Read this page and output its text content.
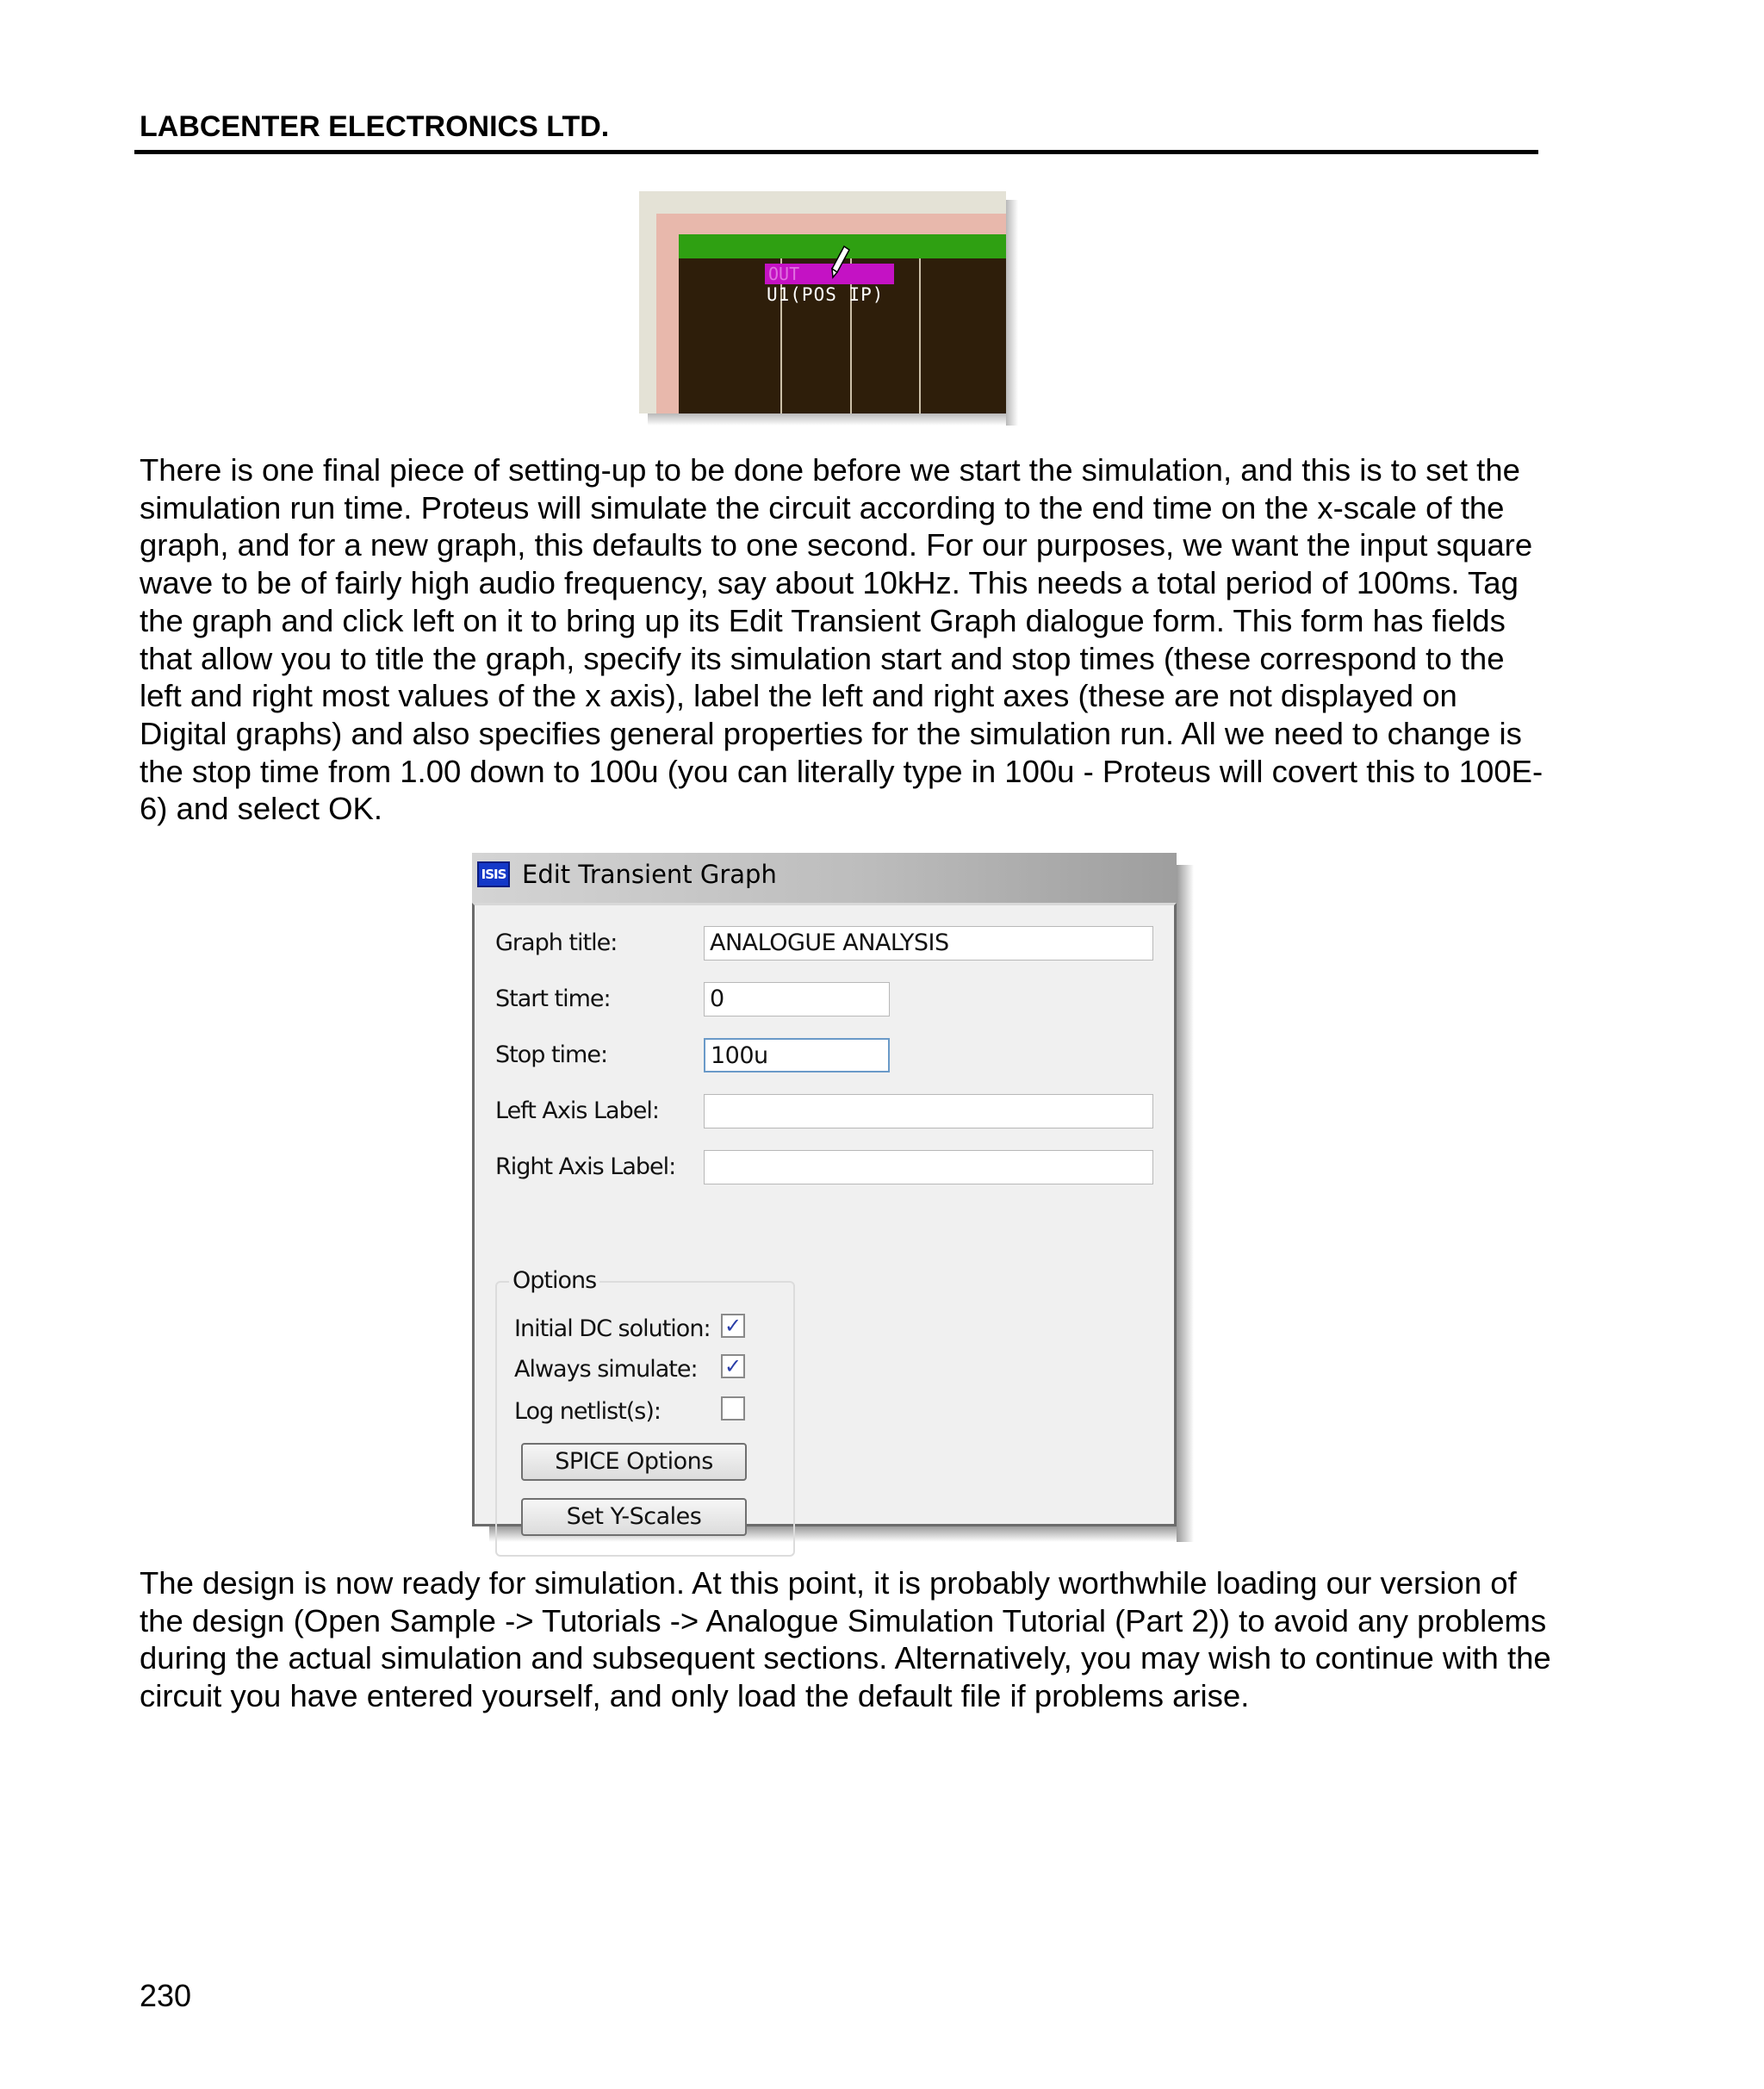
LABCENTER ELECTRONICS LTD.
OUT
U1(POS IP)

There is one final piece of setting-up to be done before we start the simulation, and this is to set the simulation run time. Proteus will simulate the circuit according to the end time on the x-scale of the graph, and for a new graph, this defaults to one second. For our purposes, we want the input square wave to be of fairly high audio frequency, say about 10kHz. This needs a total period of 100ms. Tag the graph and click left on it to bring up its Edit Transient Graph dialogue form. This form has fields that allow you to title the graph, specify its simulation start and stop times (these correspond to the left and right most values of the x axis), label the left and right axes (these are not displayed on Digital graphs) and also specifies general properties for the simulation run. All we need to change is the stop time from 1.00 down to 100u (you can literally type in 100u - Proteus will covert this to 100E-6) and select OK.

ISIS Edit Transient Graph
Graph title:	ANALOGUE ANALYSIS
Start time:	0
Stop time:	100u
Left Axis Label:
Right Axis Label:
Options
Initial DC solution: ✓
Always simulate: ✓
Log netlist(s):
SPICE Options
Set Y-Scales

The design is now ready for simulation. At this point, it is probably worthwhile loading our version of the design (Open Sample -> Tutorials -> Analogue Simulation Tutorial (Part 2)) to avoid any problems during the actual simulation and subsequent sections. Alternatively, you may wish to continue with the circuit you have entered yourself, and only load the default file if problems arise.

230
